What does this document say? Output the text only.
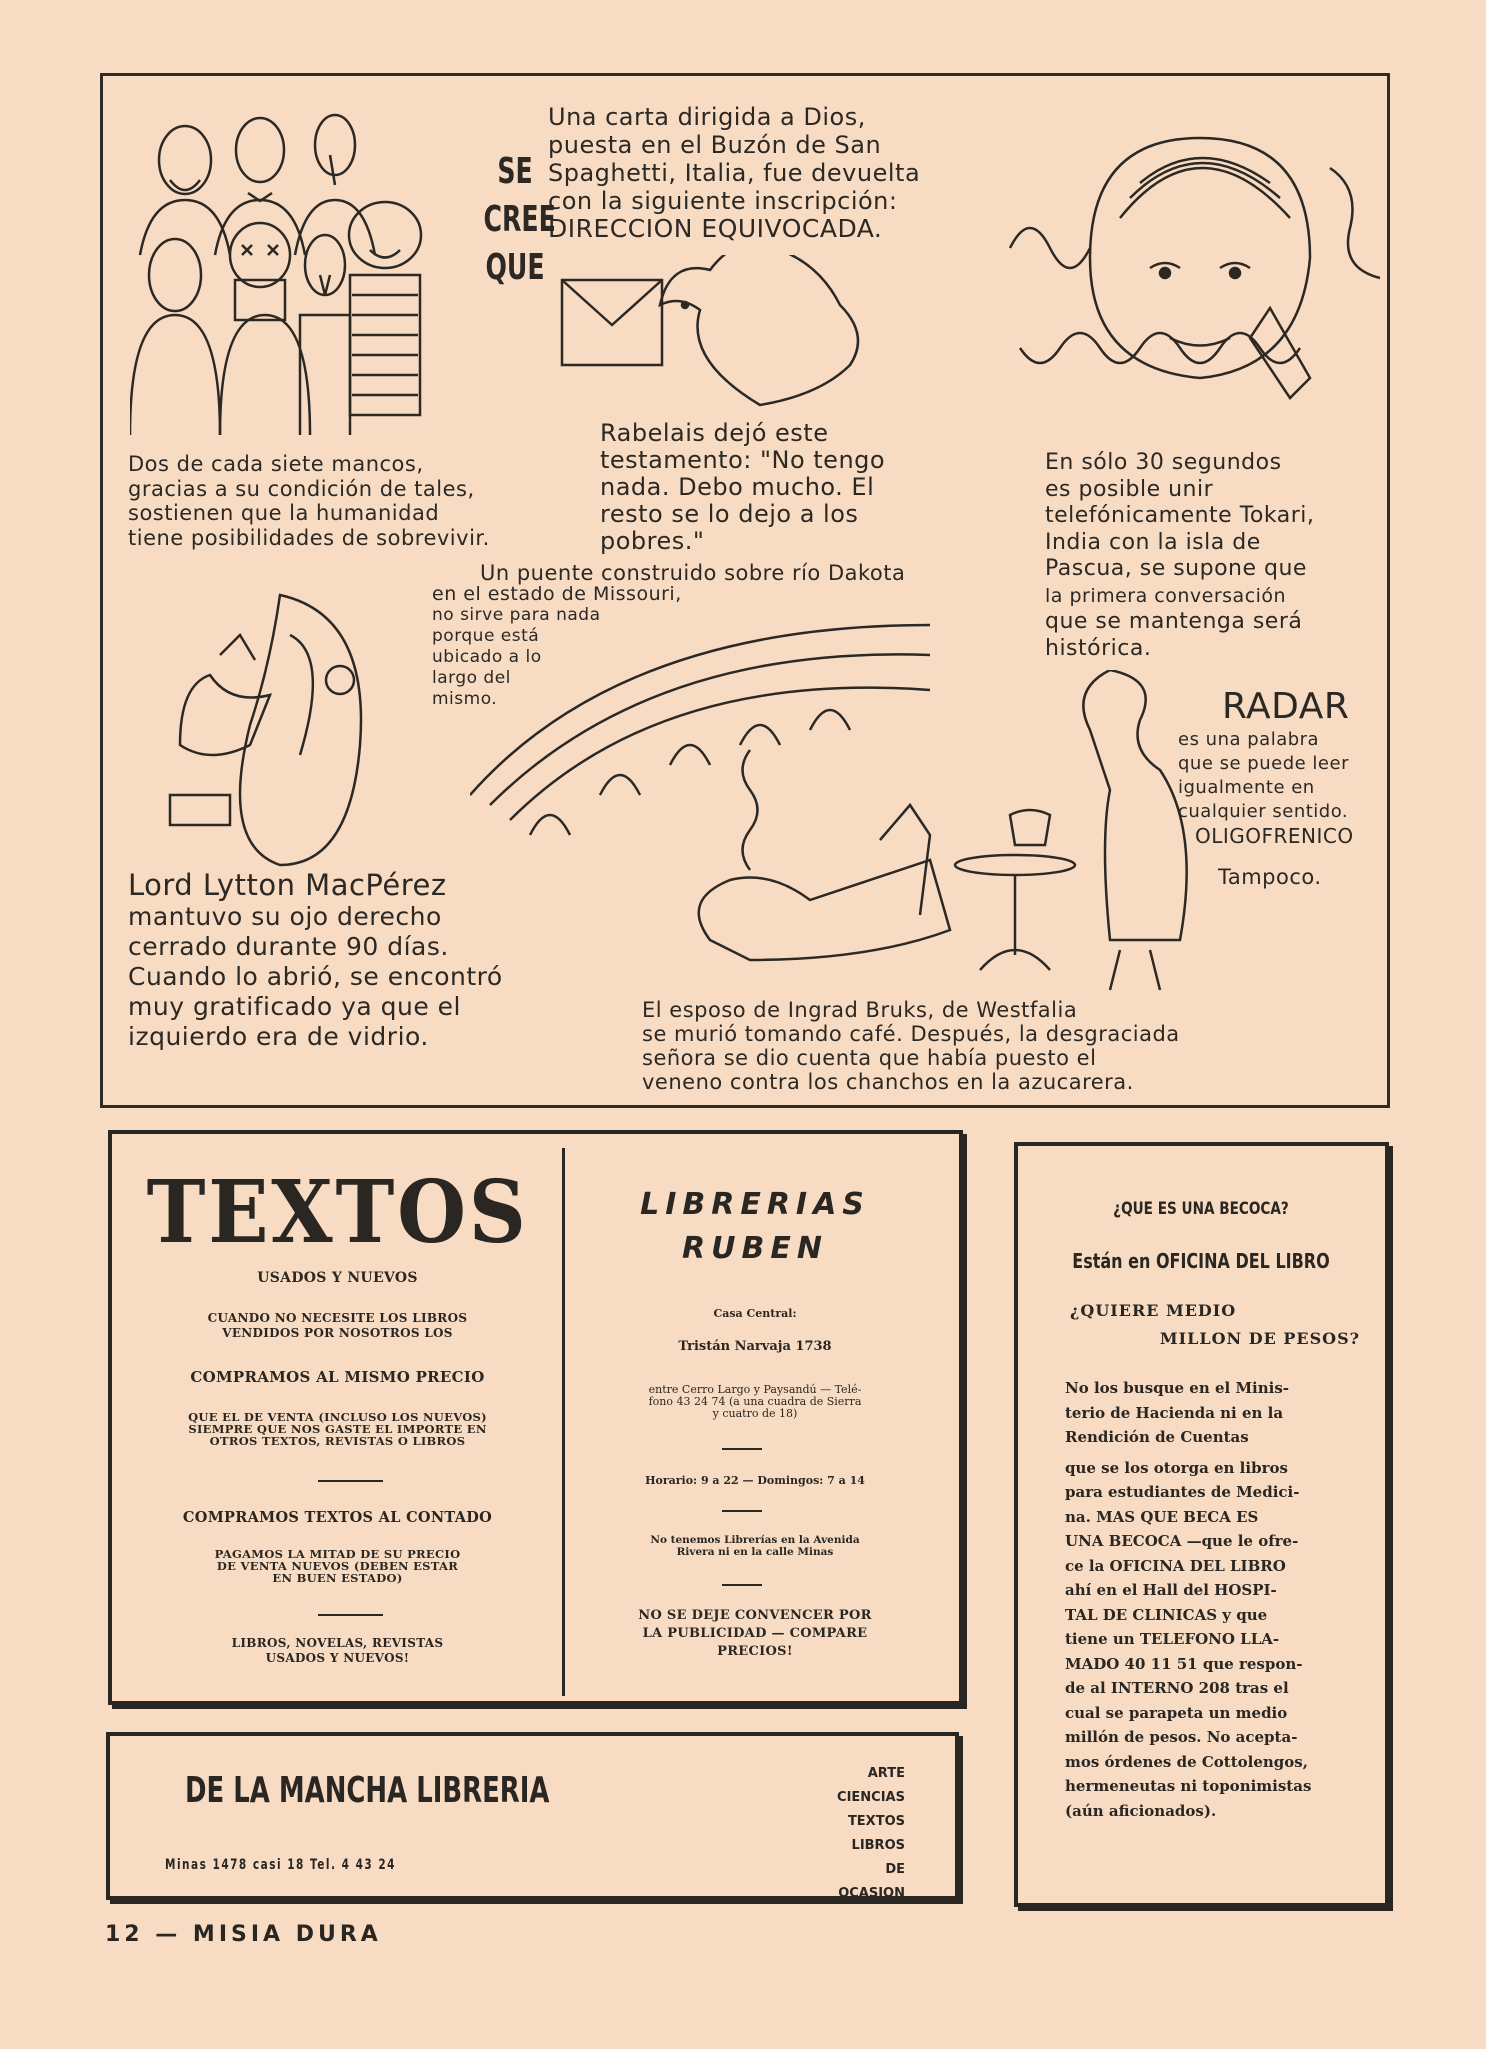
SE
CREE
QUE
Una carta dirigida a Dios,
puesta en el Buzón de San
Spaghetti, Italia, fue devuelta
con la siguiente inscripción:
DIRECCION EQUIVOCADA.
Dos de cada siete mancos,
gracias a su condición de tales,
sostienen que la humanidad
tiene posibilidades de sobrevivir.
Rabelais dejó este
testamento: "No tengo
nada. Debo mucho. El
resto se lo dejo a los
pobres."
En sólo 30 segundos
es posible unir
telefónicamente Tokari,
India con la isla de
Pascua, se supone que
la primera conversación
que se mantenga será
histórica.
Un puente construido sobre río Dakota
en el estado de Missouri,
no sirve para nada
porque está
ubicado a lo
largo del
mismo.	RADAR
es una palabra
que se puede leer
igualmente en
cualquier sentido.
OLIGOFRENICO
Tampoco.
Lord Lytton MacPérez
mantuvo su ojo derecho
cerrado durante 90 días.
Cuando lo abrió, se encontró
muy gratificado ya que el
izquierdo era de vidrio.
El esposo de Ingrad Bruks, de Westfalia
se murió tomando café. Después, la desgraciada
señora se dio cuenta que había puesto el
veneno contra los chanchos en la azucarera.
TEXTOS
USADOS Y NUEVOS
CUANDO NO NECESITE LOS LIBROS
VENDIDOS POR NOSOTROS LOS
COMPRAMOS AL MISMO PRECIO
QUE EL DE VENTA (INCLUSO LOS NUEVOS)
SIEMPRE QUE NOS GASTE EL IMPORTE EN
OTROS TEXTOS, REVISTAS O LIBROS
COMPRAMOS TEXTOS AL CONTADO
PAGAMOS LA MITAD DE SU PRECIO
DE VENTA NUEVOS (DEBEN ESTAR
EN BUEN ESTADO)
LIBROS, NOVELAS, REVISTAS
USADOS Y NUEVOS!
LIBRERIAS
RUBEN
Casa Central:
Tristán Narvaja 1738
entre Cerro Largo y Paysandú — Telé-
fono 43 24 74 (a una cuadra de Sierra
y cuatro de 18)
Horario: 9 a 22 — Domingos: 7 a 14
No tenemos Librerías en la Avenida
Rivera ni en la calle Minas
NO SE DEJE CONVENCER POR
LA PUBLICIDAD — COMPARE
PRECIOS!
¿QUE ES UNA BECOCA?
Están en OFICINA DEL LIBRO
¿QUIERE MEDIO
MILLON DE PESOS?
No los busque en el Minis-
terio de Hacienda ni en la
Rendición de Cuentas
que se los otorga en libros
para estudiantes de Medici-
na. MAS QUE BECA ES
UNA BECOCA —que le ofre-
ce la OFICINA DEL LIBRO
ahí en el Hall del HOSPI-
TAL DE CLINICAS y que
tiene un TELEFONO LLA-
MADO 40 11 51 que respon-
de al INTERNO 208 tras el
cual se parapeta un medio
millón de pesos. No acepta-
mos órdenes de Cottolengos,
hermeneutas ni toponimistas
(aún aficionados).
DE LA MANCHA LIBRERIA
Minas 1478 casi 18 Tel. 4 43 24
ARTE
CIENCIAS
TEXTOS
LIBROS
DE OCASION
12 — MISIA DURA
